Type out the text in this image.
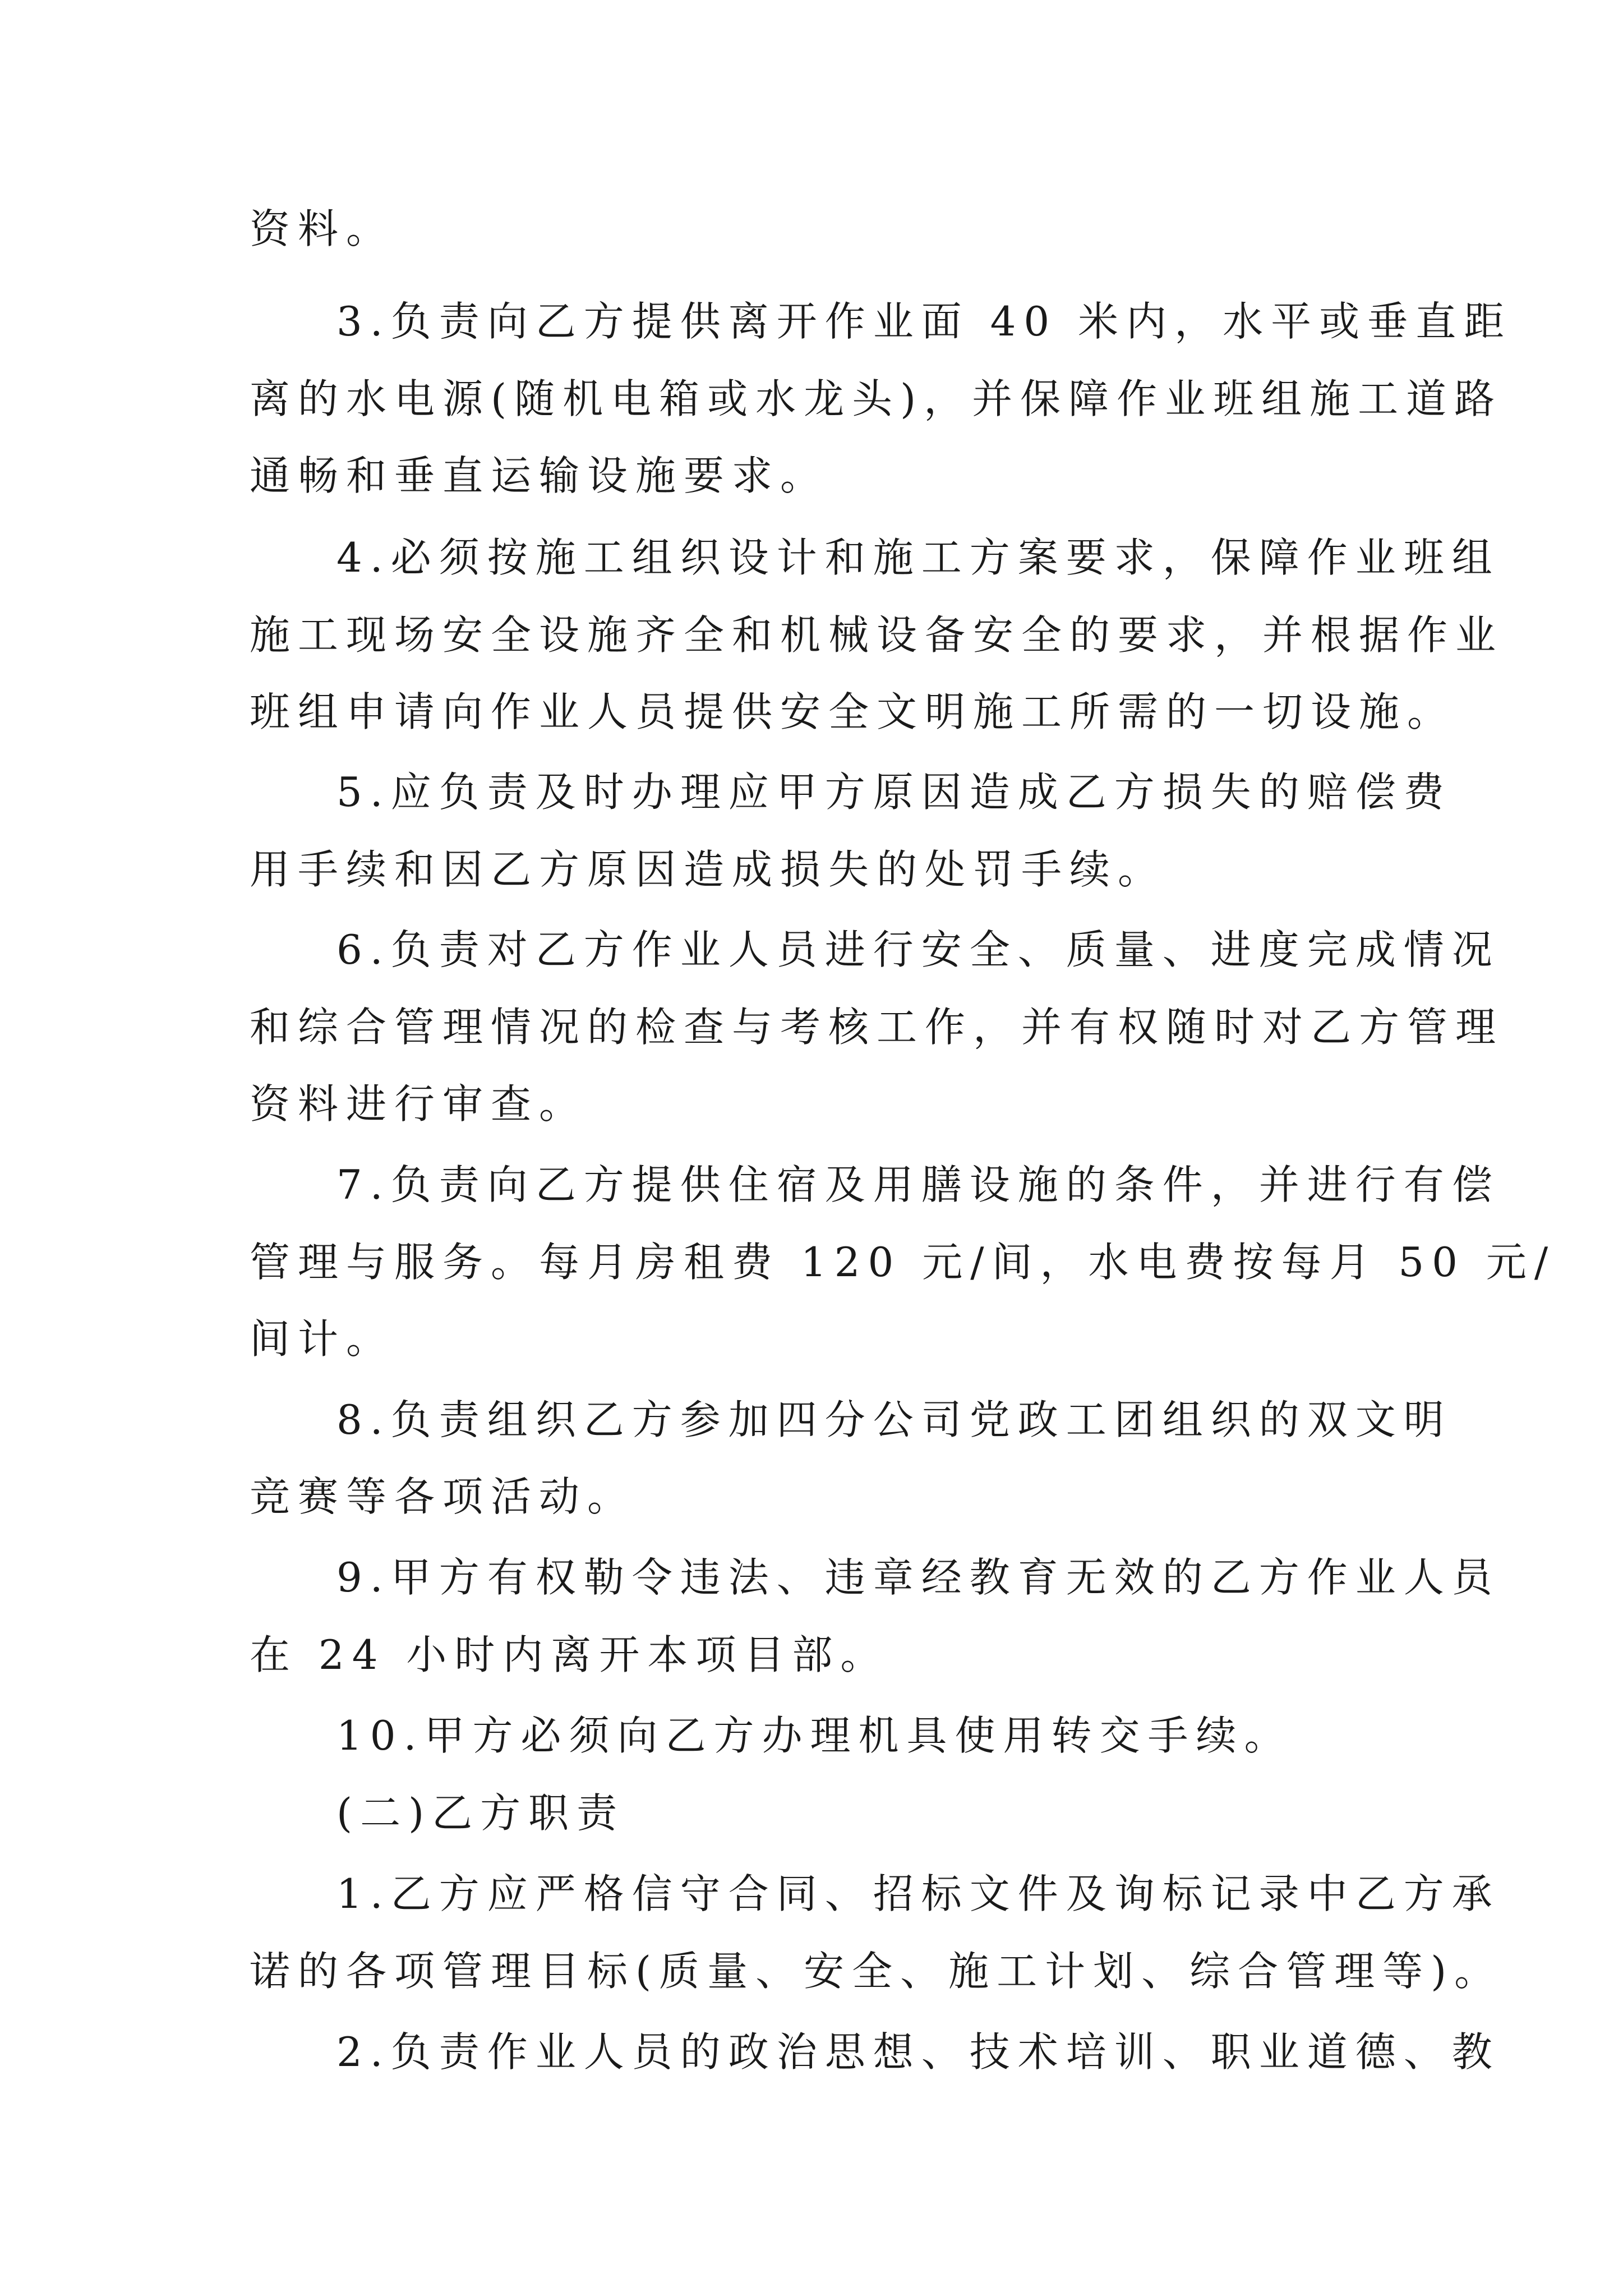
资料。
3.负责向乙方提供离开作业面 40 米内，水平或垂直距
离的水电源(随机电箱或水龙头)，并保障作业班组施工道路
通畅和垂直运输设施要求。
4.必须按施工组织设计和施工方案要求，保障作业班组
施工现场安全设施齐全和机械设备安全的要求，并根据作业
班组申请向作业人员提供安全文明施工所需的一切设施。
5.应负责及时办理应甲方原因造成乙方损失的赔偿费
用手续和因乙方原因造成损失的处罚手续。
6.负责对乙方作业人员进行安全、质量、进度完成情况
和综合管理情况的检查与考核工作，并有权随时对乙方管理
资料进行审查。
7.负责向乙方提供住宿及用膳设施的条件，并进行有偿
管理与服务。每月房租费 120 元/间，水电费按每月 50 元/
间计。
8.负责组织乙方参加四分公司党政工团组织的双文明
竞赛等各项活动。
9.甲方有权勒令违法、违章经教育无效的乙方作业人员
在 24 小时内离开本项目部。
10.甲方必须向乙方办理机具使用转交手续。
(二)乙方职责
1.乙方应严格信守合同、招标文件及询标记录中乙方承
诺的各项管理目标(质量、安全、施工计划、综合管理等)。
2.负责作业人员的政治思想、技术培训、职业道德、教
